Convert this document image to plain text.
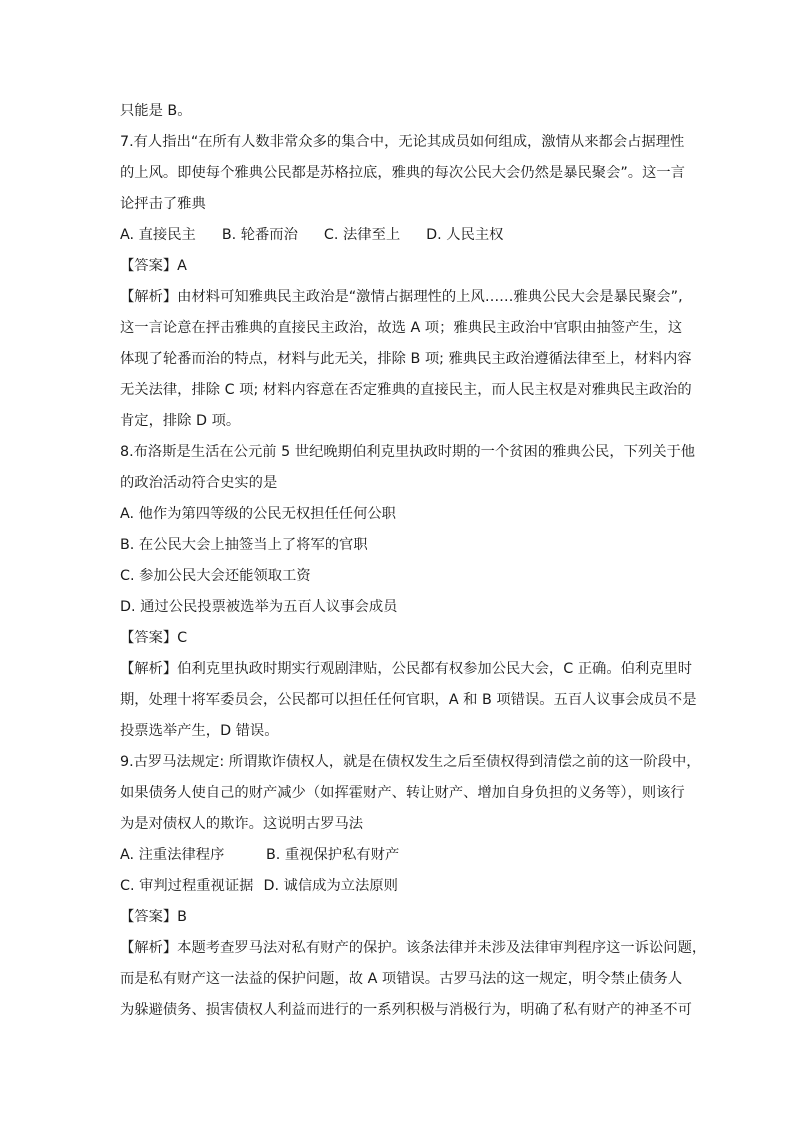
只能是 B。
7.有人指出“在所有人数非常众多的集合中，无论其成员如何组成，激情从来都会占据理性
的上风。即使每个雅典公民都是苏格拉底，雅典的每次公民大会仍然是暴民聚会”。这一言
论抨击了雅典
A. 直接民主 B. 轮番而治 C. 法律至上 D. 人民主权
【答案】A
【解析】由材料可知雅典民主政治是“激情占据理性的上风……雅典公民大会是暴民聚会”,
这一言论意在抨击雅典的直接民主政治，故选 A 项；雅典民主政治中官职由抽签产生，这
体现了轮番而治的特点，材料与此无关，排除 B 项; 雅典民主政治遵循法律至上，材料内容
无关法律，排除 C 项; 材料内容意在否定雅典的直接民主，而人民主权是对雅典民主政治的
肯定，排除 D 项。
8.布洛斯是生活在公元前 5 世纪晚期伯利克里执政时期的一个贫困的雅典公民，下列关于他
的政治活动符合史实的是
A. 他作为第四等级的公民无权担任任何公职
B. 在公民大会上抽签当上了将军的官职
C. 参加公民大会还能领取工资
D. 通过公民投票被选举为五百人议事会成员
【答案】C
【解析】伯利克里执政时期实行观剧津贴，公民都有权参加公民大会，C 正确。伯利克里时
期，处理十将军委员会，公民都可以担任任何官职，A 和 B 项错误。五百人议事会成员不是
投票选举产生，D 错误。
9.古罗马法规定: 所谓欺诈债权人，就是在债权发生之后至债权得到清偿之前的这一阶段中，
如果债务人使自己的财产减少（如挥霍财产、转让财产、增加自身负担的义务等），则该行
为是对债权人的欺诈。这说明古罗马法
A. 注重法律程序	B. 重视保护私有财产
C. 审判过程重视证据 D. 诚信成为立法原则
【答案】B
【解析】本题考查罗马法对私有财产的保护。该条法律并未涉及法律审判程序这一诉讼问题，
而是私有财产这一法益的保护问题，故 A 项错误。古罗马法的这一规定，明令禁止债务人
为躲避债务、损害债权人利益而进行的一系列积极与消极行为，明确了私有财产的神圣不可
